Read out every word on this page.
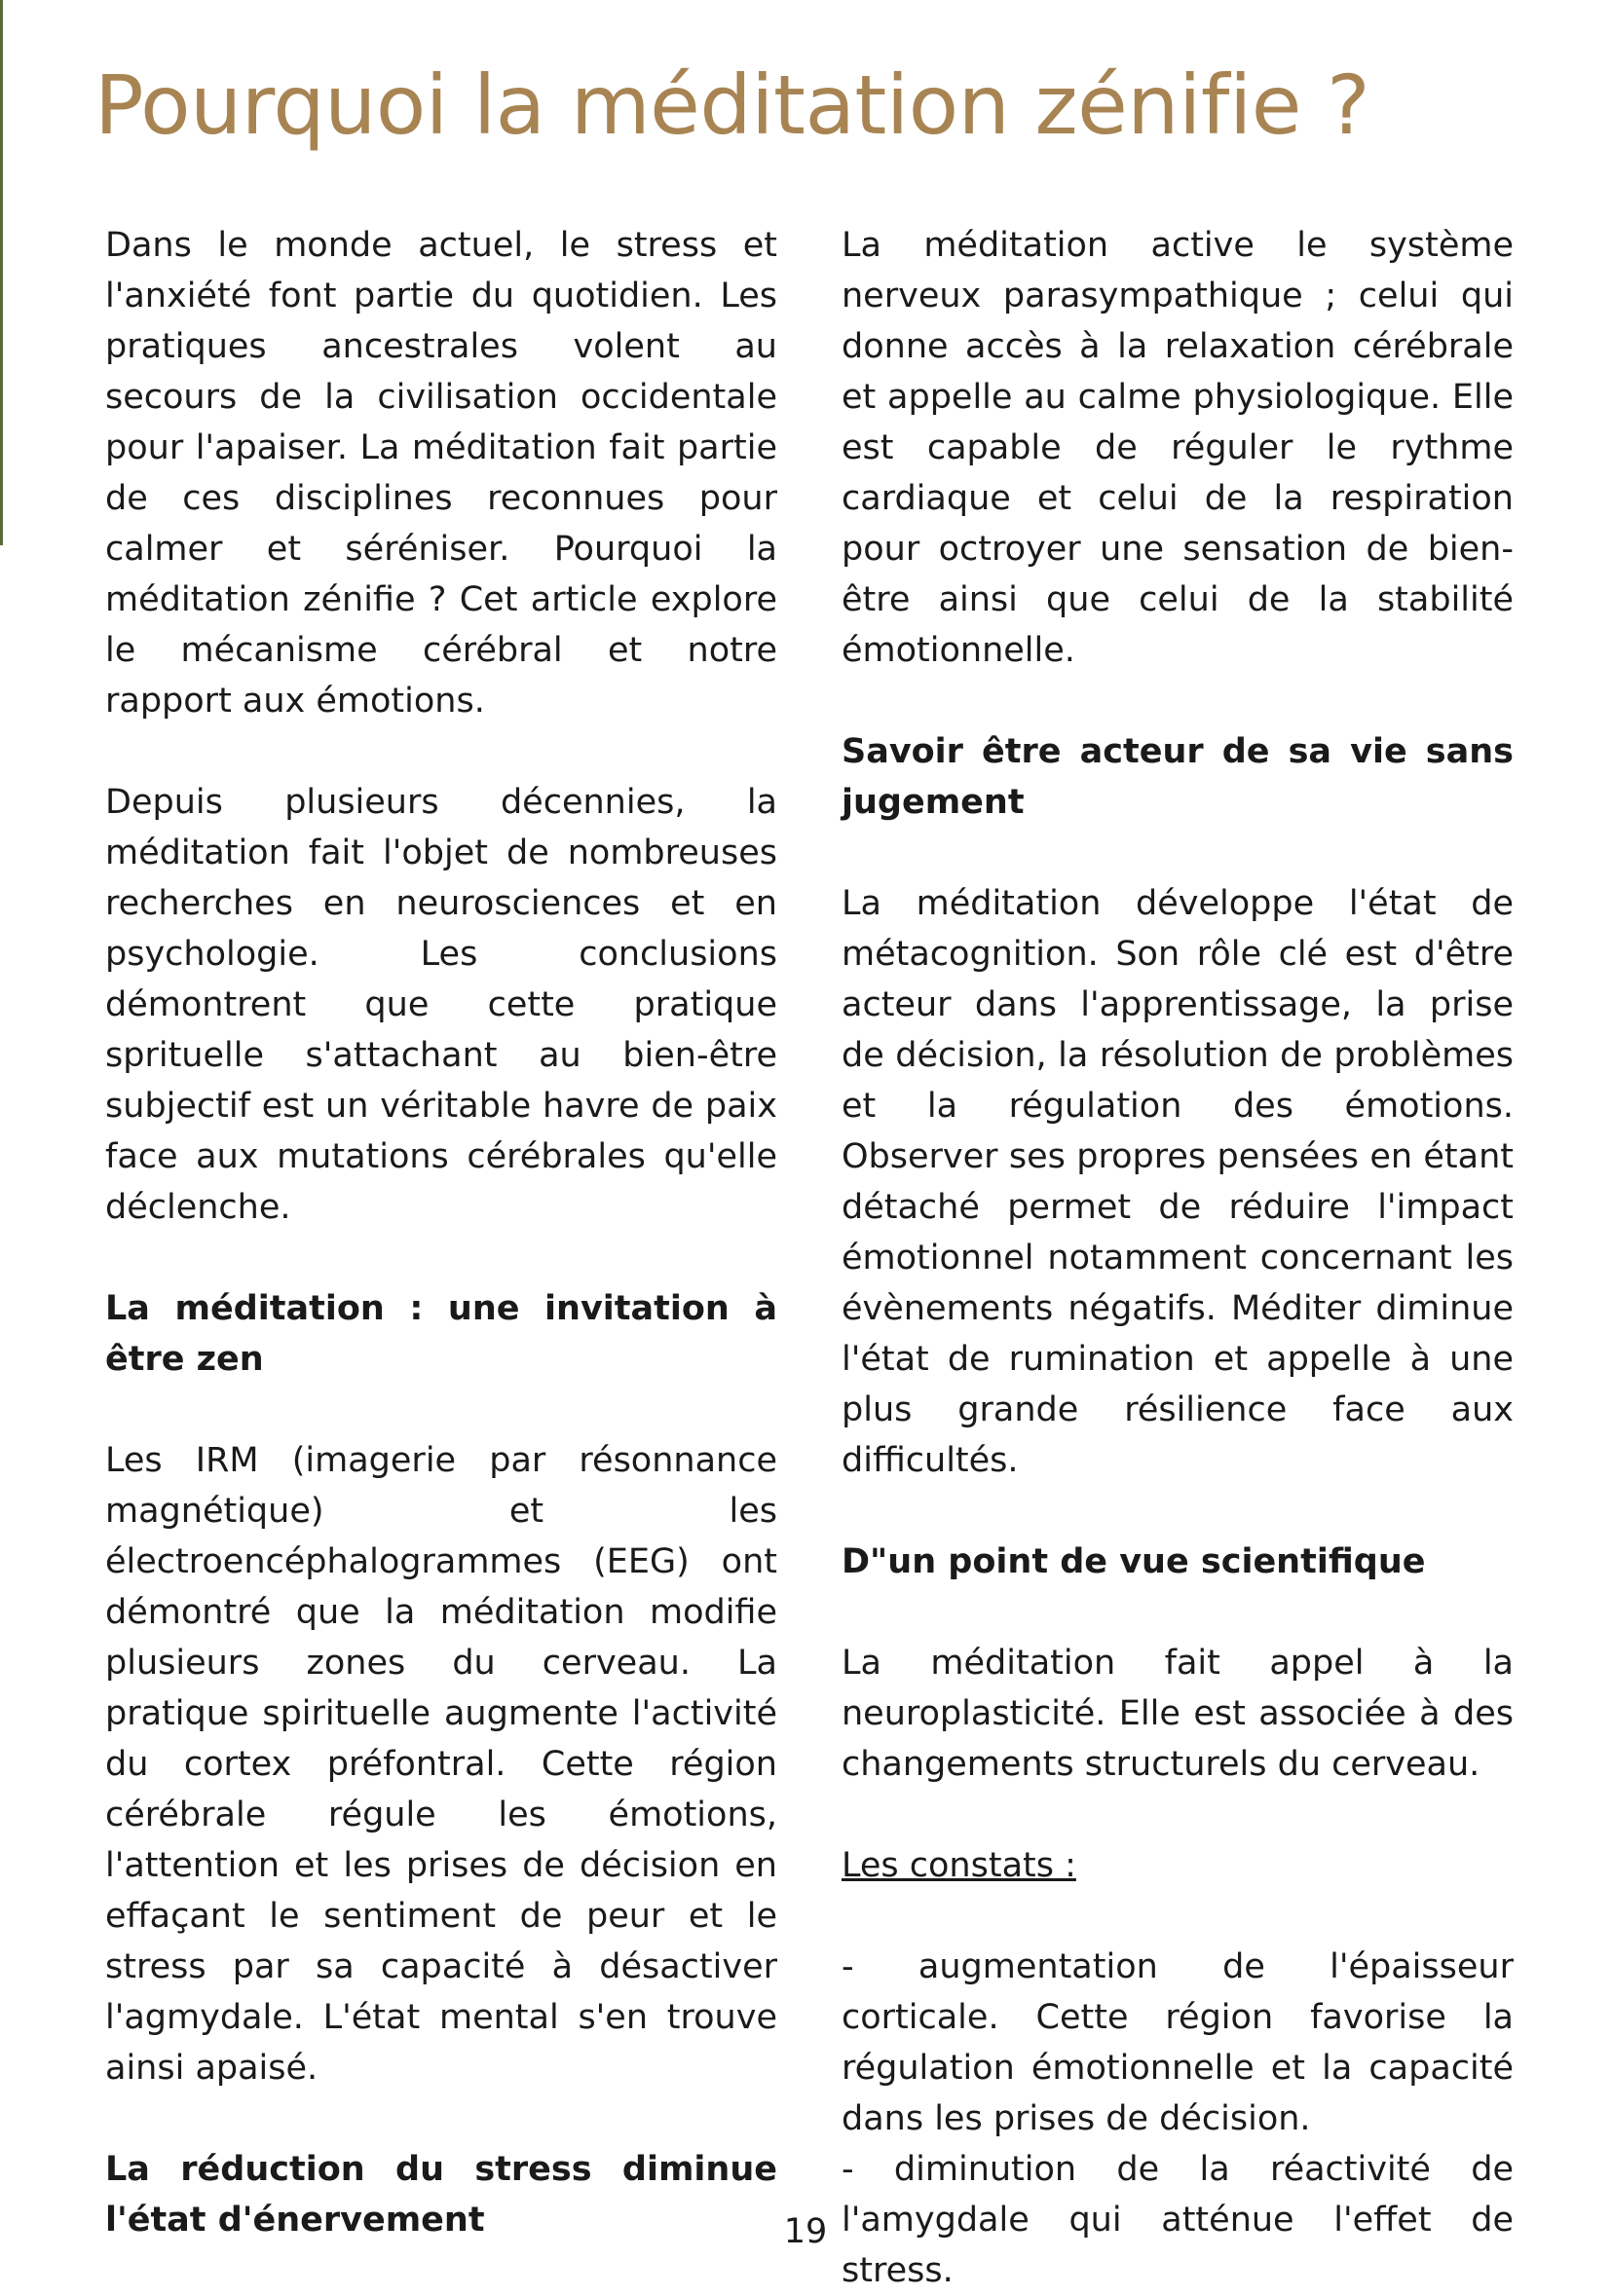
Pourquoi la méditation zénifie ?

Dans le monde actuel, le stress et l'anxiété font partie du quotidien. Les pratiques ancestrales volent au secours de la civilisation occidentale pour l'apaiser. La méditation fait partie de ces disciplines reconnues pour calmer et séréniser. Pourquoi la méditation zénifie ? Cet article explore le mécanisme cérébral et notre rapport aux émotions.

Depuis plusieurs décennies, la méditation fait l'objet de nombreuses recherches en neurosciences et en psychologie. Les conclusions démontrent que cette pratique sprituelle s'attachant au bien-être subjectif est un véritable havre de paix face aux mutations cérébrales qu'elle déclenche.

La méditation : une invitation à être zen

Les IRM (imagerie par résonnance magnétique) et les électroencéphalogrammes (EEG) ont démontré que la méditation modifie plusieurs zones du cerveau. La pratique spirituelle augmente l'activité du cortex préfontral. Cette région cérébrale régule les émotions, l'attention et les prises de décision en effaçant le sentiment de peur et le stress par sa capacité à désactiver l'agmydale. L'état mental s'en trouve ainsi apaisé.

La réduction du stress diminue l'état d'énervement

La méditation active le système nerveux parasympathique ; celui qui donne accès à la relaxation cérébrale et appelle au calme physiologique. Elle est capable de réguler le rythme cardiaque et celui de la respiration pour octroyer une sensation de bien-être ainsi que celui de la stabilité émotionnelle.

Savoir être acteur de sa vie sans jugement

La méditation développe l'état de métacognition. Son rôle clé est d'être acteur dans l'apprentissage, la prise de décision, la résolution de problèmes et la régulation des émotions. Observer ses propres pensées en étant détaché permet de réduire l'impact émotionnel notamment concernant les évènements négatifs. Méditer diminue l'état de rumination et appelle à une plus grande résilience face aux difficultés.

D"un point de vue scientifique

La méditation fait appel à la neuroplasticité. Elle est associée à des changements structurels du cerveau.

Les constats :

- augmentation de l'épaisseur corticale. Cette région favorise la régulation émotionnelle et la capacité dans les prises de décision.

- diminution de la réactivité de l'amygdale qui atténue l'effet de stress.

19
